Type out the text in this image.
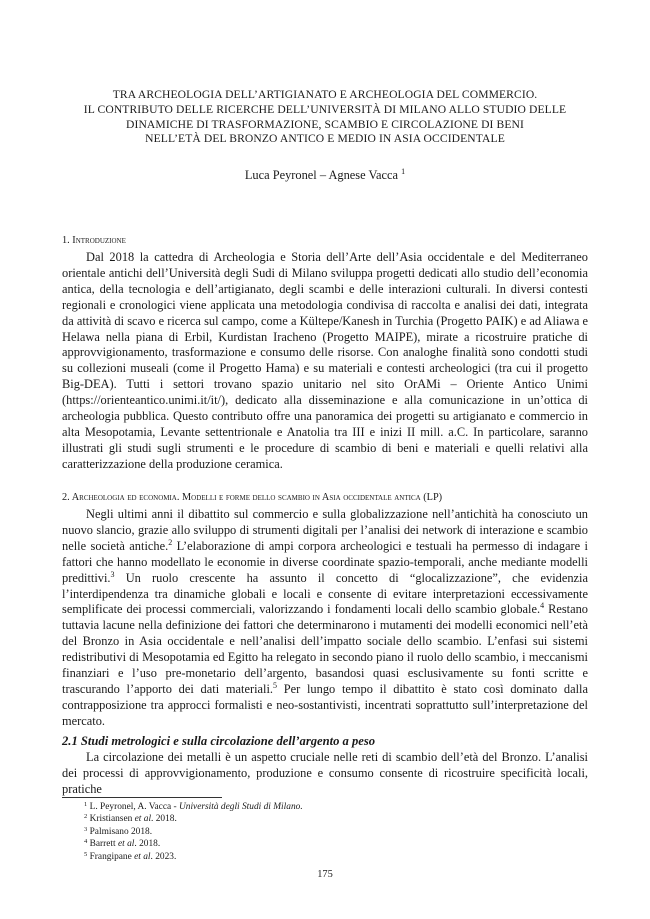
TRA ARCHEOLOGIA DELL’ARTIGIANATO E ARCHEOLOGIA DEL COMMERCIO.
IL CONTRIBUTO DELLE RICERCHE DELL’UNIVERSITÀ DI MILANO ALLO STUDIO DELLE
DINAMICHE DI TRASFORMAZIONE, SCAMBIO E CIRCOLAZIONE DI BENI
NELL’ETÀ DEL BRONZO ANTICO E MEDIO IN ASIA OCCIDENTALE
Luca Peyronel – Agnese Vacca $^1$
1. Introduzione
Dal 2018 la cattedra di Archeologia e Storia dell’Arte dell’Asia occidentale e del Mediterraneo orientale antichi dell’Università degli Sudi di Milano sviluppa progetti dedicati allo studio dell’economia antica, della tecnologia e dell’artigianato, degli scambi e delle interazioni culturali. In diversi contesti regionali e cronologici viene applicata una metodologia condivisa di raccolta e analisi dei dati, integrata da attività di scavo e ricerca sul campo, come a Kültepe/Kanesh in Turchia (Progetto PAIK) e ad Aliawa e Helawa nella piana di Erbil, Kurdistan Iracheno (Progetto MAIPE), mirate a ricostruire pratiche di approvvigionamento, trasformazione e consumo delle risorse. Con analoghe finalità sono condotti studi su collezioni museali (come il Progetto Hama) e su materiali e contesti archeologici (tra cui il progetto Big-DEA). Tutti i settori trovano spazio unitario nel sito OrAMi – Oriente Antico Unimi (https://orienteantico.unimi.it/it/), dedicato alla disseminazione e alla comunicazione in un’ottica di archeologia pubblica. Questo contributo offre una panoramica dei progetti su artigianato e commercio in alta Mesopotamia, Levante settentrionale e Anatolia tra III e inizi II mill. a.C. In particolare, saranno illustrati gli studi sugli strumenti e le procedure di scambio di beni e materiali e quelli relativi alla caratterizzazione della produzione ceramica.
2. Archeologia ed economia. Modelli e forme dello scambio in Asia occidentale antica (LP)
Negli ultimi anni il dibattito sul commercio e sulla globalizzazione nell’antichità ha conosciuto un nuovo slancio, grazie allo sviluppo di strumenti digitali per l’analisi dei network di interazione e scambio nelle società antiche.$^2$ L’elaborazione di ampi corpora archeologici e testuali ha permesso di indagare i fattori che hanno modellato le economie in diverse coordinate spazio-temporali, anche mediante modelli predittivi.$^3$ Un ruolo crescente ha assunto il concetto di “glocalizzazione”, che evidenzia l’interdipendenza tra dinamiche globali e locali e consente di evitare interpretazioni eccessivamente semplificate dei processi commerciali, valorizzando i fondamenti locali dello scambio globale.$^4$ Restano tuttavia lacune nella definizione dei fattori che determinarono i mutamenti dei modelli economici nell’età del Bronzo in Asia occidentale e nell’analisi dell’impatto sociale dello scambio. L’enfasi sui sistemi redistributivi di Mesopotamia ed Egitto ha relegato in secondo piano il ruolo dello scambio, i meccanismi finanziari e l’uso pre-monetario dell’argento, basandosi quasi esclusivamente su fonti scritte e trascurando l’apporto dei dati materiali.$^5$ Per lungo tempo il dibattito è stato così dominato dalla contrapposizione tra approcci formalisti e neo-sostantivisti, incentrati soprattutto sull’interpretazione del mercato.
2.1 Studi metrologici e sulla circolazione dell’argento a peso
La circolazione dei metalli è un aspetto cruciale nelle reti di scambio dell’età del Bronzo. L’analisi dei processi di approvvigionamento, produzione e consumo consente di ricostruire specificità locali, pratiche
$^1$ L. Peyronel, A. Vacca - Università degli Studi di Milano.
$^2$ Kristiansen et al. 2018.
$^3$ Palmisano 2018.
$^4$ Barrett et al. 2018.
$^5$ Frangipane et al. 2023.
175
